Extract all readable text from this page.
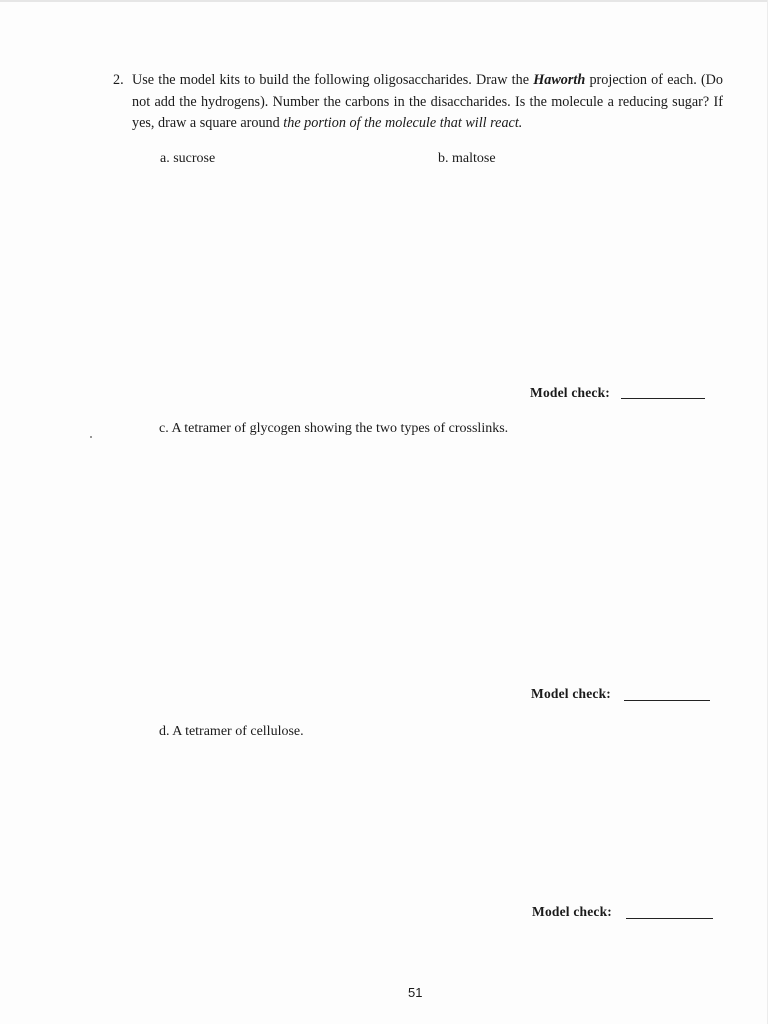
2. Use the model kits to build the following oligosaccharides. Draw the Haworth projection of each. (Do not add the hydrogens). Number the carbons in the disaccharides. Is the molecule a reducing sugar? If yes, draw a square around the portion of the molecule that will react.
a. sucrose	b. maltose
Model check:
c. A tetramer of glycogen showing the two types of crosslinks.
Model check:
d. A tetramer of cellulose.
Model check:
51
